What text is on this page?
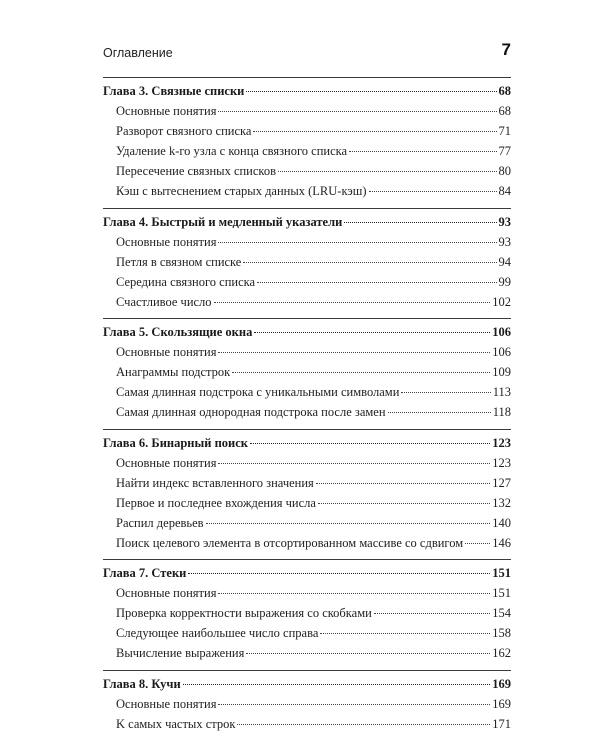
Оглавление	7
Глава 3. Связные списки	68
Основные понятия	68
Разворот связного списка	71
Удаление k-го узла с конца связного списка	77
Пересечение связных списков	80
Кэш с вытеснением старых данных (LRU-кэш)	84
Глава 4. Быстрый и медленный указатели	93
Основные понятия	93
Петля в связном списке	94
Середина связного списка	99
Счастливое число	102
Глава 5. Скользящие окна	106
Основные понятия	106
Анаграммы подстрок	109
Самая длинная подстрока с уникальными символами	113
Самая длинная однородная подстрока после замен	118
Глава 6. Бинарный поиск	123
Основные понятия	123
Найти индекс вставленного значения	127
Первое и последнее вхождения числа	132
Распил деревьев	140
Поиск целевого элемента в отсортированном массиве со сдвигом 146
Глава 7. Стеки	151
Основные понятия	151
Проверка корректности выражения со скобками	154
Следующее наибольшее число справа	158
Вычисление выражения	162
Глава 8. Кучи	169
Основные понятия	169
K самых частых строк	171
